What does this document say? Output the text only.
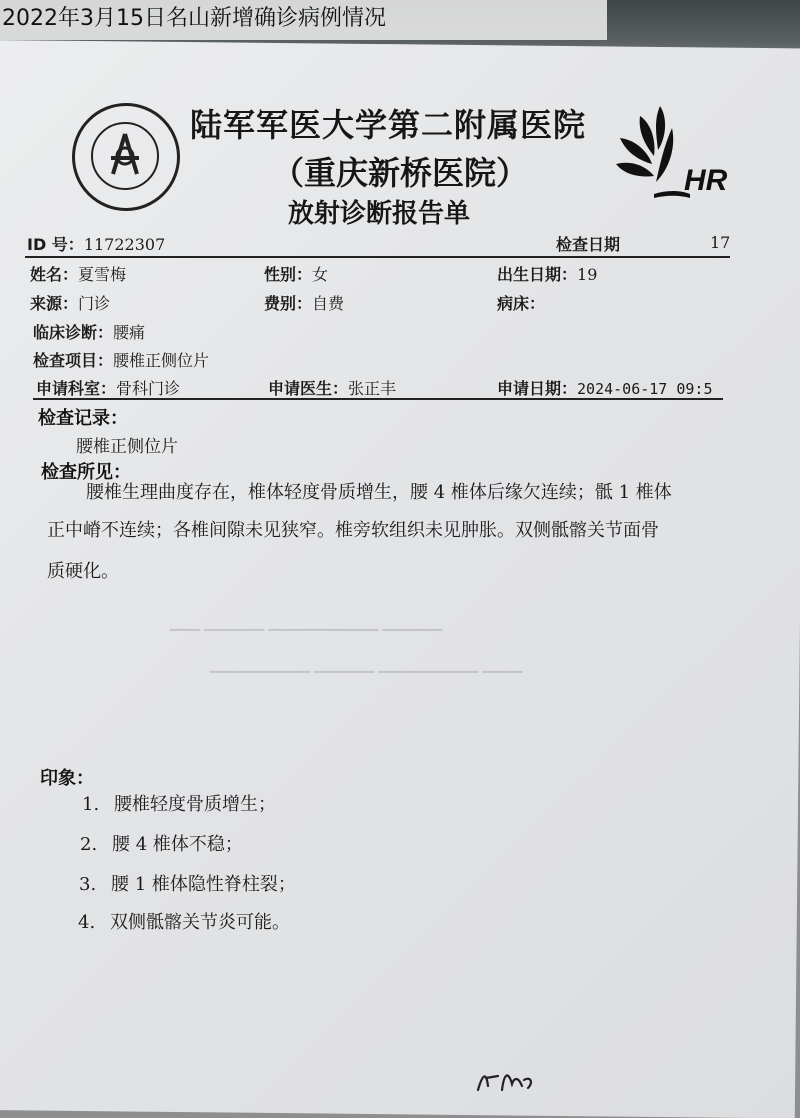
2022年3月15日名山新增确诊病例情况
陆军军医大学第二附属医院
（重庆新桥医院）
放射诊断报告单
HR
ID 号：11722307	检查日期	17
姓名：夏雪梅	性别：女	出生日期：19
来源：门诊	费别：自费	病床：
临床诊断：腰痛
检查项目：腰椎正侧位片
申请科室：骨科门诊	申请医生：张正丰	申请日期：2024-06-17 09:5
检查记录：
腰椎正侧位片
检查所见：
腰椎生理曲度存在，椎体轻度骨质增生，腰 4 椎体后缘欠连续；骶 1 椎体
正中嵴不连续；各椎间隙未见狭窄。椎旁软组织未见肿胀。双侧骶髂关节面骨
质硬化。
▔▔▔ ▔▔▔▔▔▔ ▔▔▔▔▔▔▔▔▔▔▔ ▔▔▔▔▔▔
▔▔▔▔▔▔▔▔▔▔ ▔▔▔▔▔▔ ▔▔▔▔▔▔▔▔▔▔ ▔▔▔▔
印象：
1. 腰椎轻度骨质增生；
2. 腰 4 椎体不稳；
3. 腰 1 椎体隐性脊柱裂；
4. 双侧骶髂关节炎可能。
